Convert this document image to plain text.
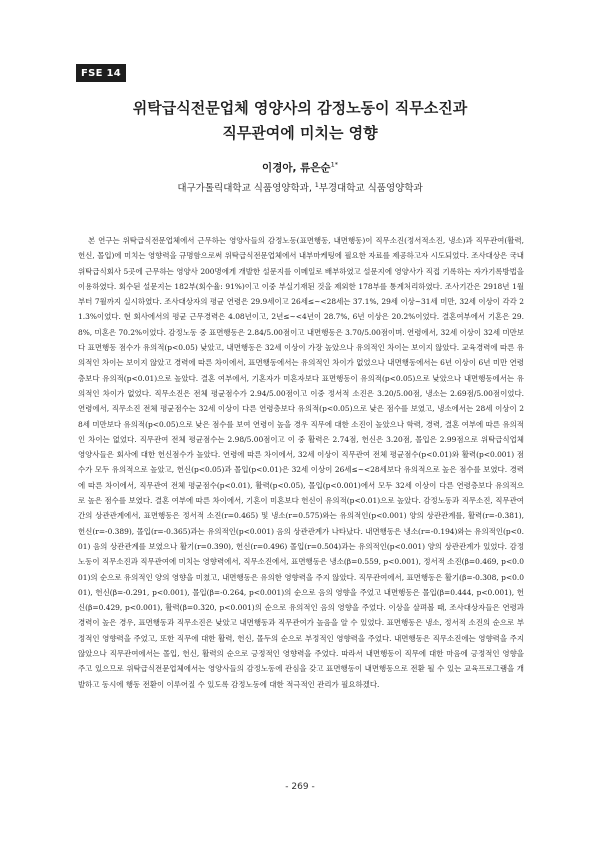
FSE 14
위탁급식전문업체 영양사의 감정노동이 직무소진과
직무관여에 미치는 영향
이경아, 류은순$^{1*}$
대구가톨릭대학교 식품영양학과, $^1$부경대학교 식품영양학과
본 연구는 위탁급식전문업체에서 근무하는 영양사들의 감정노동(표면행동, 내면행동)이 직무소진(정서적소진, 냉소)과 직무관여(활력, 헌신, 몰입)에 미치는 영향력을 규명함으로써 위탁급식전문업체에서 내부마케팅에 필요한 자료를 제공하고자 시도되었다. 조사대상은 국내 위탁급식회사 5곳에 근무하는 영양사 200명에게 개발한 설문지를 이메일로 배부하였고 설문지에 영양사가 직접 기록하는 자가기록방법을 이용하였다. 회수된 설문지는 182부(회수율: 91%)이고 이중 부실기재된 것을 제외한 178부를 통계처리하였다. 조사기간은 2918년 1월부터 7월까지 실시하였다. 조사대상자의 평균 연령은 29.9세이고 26세≤~<28세는 37.1%, 29세 이상~31세 미만, 32세 이상이 각각 21.3%이었다. 현 회사에서의 평균 근무경력은 4.08년이고, 2년≤~<4년이 28.7%, 6년 이상은 20.2%이었다. 결혼여부에서 기혼은 29.8%, 미혼은 70.2%이었다. 감정노동 중 표면행동은 2.84/5.00점이고 내면행동은 3.70/5.00점이며. 연령에서, 32세 이상이 32세 미만보다 표면행동 점수가 유의적(p<0.05) 낮았고, 내면행동은 32세 이상이 가장 높았으나 유의적인 차이는 보이지 않았다. 교육경력에 따른 유의적인 차이는 보이지 않았고 경력에 따른 차이에서, 표면행동에서는 유의적인 차이가 없었으나 내면행동에서는 6년 이상이 6년 미만 연령층보다 유의적(p<0.01)으로 높았다. 결혼 여부에서, 기혼자가 미혼자보다 표면행동이 유의적(p<0.05)으로 낮았으나 내면행동에서는 유의적인 차이가 없었다. 직무소진은 전체 평균점수가 2.94/5.00점이고 이중 정서적 소진은 3.20/5.00점, 냉소는 2.69점/5.00점이었다. 연령에서, 직무소진 전체 평균점수는 32세 이상이 다른 연령층보다 유의적(p<0.05)으로 낮은 점수를 보였고, 냉소에서는 28세 이상이 28세 미만보다 유의적(p<0.05)으로 낮은 점수를 보여 연령이 높을 경우 직무에 대한 소진이 높았으나 학력, 경력, 결혼 여부에 따른 유의적인 차이는 없었다. 직무관여 전체 평균점수는 2.98/5.00점이고 이 중 활력은 2.74점, 헌신은 3.20점, 몰입은 2.99점으로 위탁급식업체 영양사들은 회사에 대한 헌신점수가 높았다. 연령에 따른 차이에서, 32세 이상이 직무관여 전체 평균점수(p<0.01)와 활력(p<0.001) 점수가 모두 유의적으로 높았고, 헌신(p<0.05)과 몰입(p<0.01)은 32세 이상이 26세≤~<28세보다 유의적으로 높은 점수를 보였다. 경력에 따른 차이에서, 직무관여 전체 평균점수(p<0.01), 활력(p<0.05), 몰입(p<0.001)에서 모두 32세 이상이 다른 연령층보다 유의적으로 높은 점수를 보였다. 결혼 여부에 따른 차이에서, 기혼이 미혼보다 헌신이 유의적(p<0.01)으로 높았다. 감정노동과 직무소진, 직무관여 간의 상관관계에서, 표면행동은 정서적 소진(r=0.465) 및 냉소(r=0.575)와는 유의적인(p<0.001) 양의 상관관계를, 활력(r=-0.381), 헌신(r=-0.389), 몰입(r=-0.365)과는 유의적인(p<0.001) 음의 상관관계가 나타났다. 내면행동은 냉소(r=-0.194)와는 유의적인(p<0.01) 음의 상관관계를 보였으나 활기(r=0.390), 헌신(r=0.496) 몰입(r=0.504)과는 유의적인(p<0.001) 양의 상관관계가 있었다. 감정노동이 직무소진과 직무관여에 미치는 영향력에서, 직무소진에서, 표면행동은 냉소(β=0.559, p<0.001), 정서적 소진(β=0.469, p<0.001)의 순으로 유의적인 양의 영향을 미쳤고, 내면행동은 유의한 영향력을 주지 않았다. 직무관여에서, 표면행동은 활기(β=-0.308, p<0.001), 헌신(β=-0.291, p<0.001), 몰입(β=-0.264, p<0.001)의 순으로 음의 영향을 주었고 내면행동은 몰입(β=0.444, p<0.001), 헌신(β=0.429, p<0.001), 활력(β=0.320, p<0.001)의 순으로 유의적인 음의 영향을 주었다. 이상을 살펴볼 때, 조사대상자들은 연령과 경력이 높은 경우, 표면행동과 직무소진은 낮았고 내면행동과 직무관여가 높음을 알 수 있었다. 표면행동은 냉소, 정서적 소진의 순으로 부정적인 영향력을 주었고, 또한 직무에 대한 활력, 헌신, 몰두의 순으로 부정적인 영향력을 주었다. 내면행동은 직무소진에는 영향력을 주지 않았으나 직무관여에서는 몰입, 헌신, 활력의 순으로 긍정적인 영향력을 주었다. 따라서 내면행동이 직무에 대한 마음에 긍정적인 영향을 주고 있으므로 위탁급식전문업체에서는 영양사들의 감정노동에 관심을 갖고 표면행동이 내면행동으로 전환 될 수 있는 교육프로그램을 개발하고 동시에 행동 전환이 이루어질 수 있도록 감정노동에 대한 적극적인 관리가 필요하겠다.
- 269 -
